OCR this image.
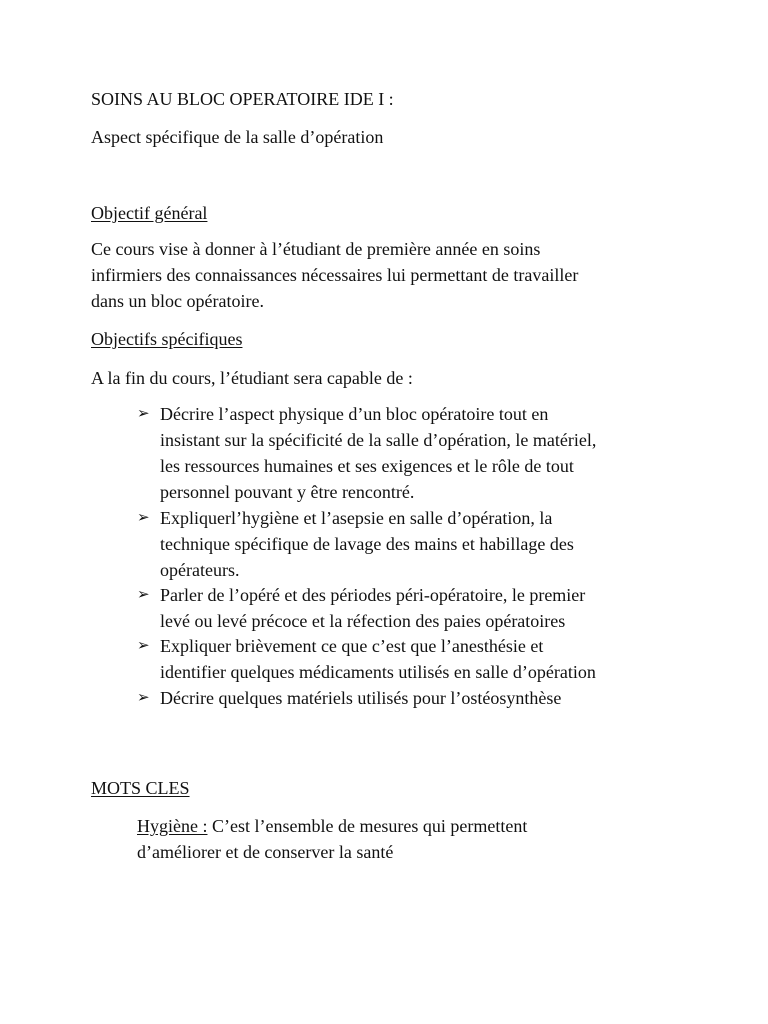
SOINS AU BLOC OPERATOIRE IDE I :
Aspect spécifique de la salle d’opération
Objectif général
Ce cours vise à donner à l’étudiant de première année en soins
infirmiers des connaissances nécessaires lui permettant de travailler
dans un bloc opératoire.
Objectifs spécifiques
A la fin du cours, l’étudiant sera capable de :
➢ Décrire l’aspect physique d’un bloc opératoire tout en
insistant sur la spécificité de la salle d’opération, le matériel,
les ressources humaines et ses exigences et le rôle de tout
personnel pouvant y être rencontré.
➢ Expliquerl’hygiène et l’asepsie en salle d’opération, la
technique spécifique de lavage des mains et habillage des
opérateurs.
➢ Parler de l’opéré et des périodes péri-opératoire, le premier
levé ou levé précoce et la réfection des paies opératoires
➢ Expliquer brièvement ce que c’est que l’anesthésie et
identifier quelques médicaments utilisés en salle d’opération
➢ Décrire quelques matériels utilisés pour l’ostéosynthèse
MOTS CLES
Hygiène : C’est l’ensemble de mesures qui permettent
d’améliorer et de conserver la santé
